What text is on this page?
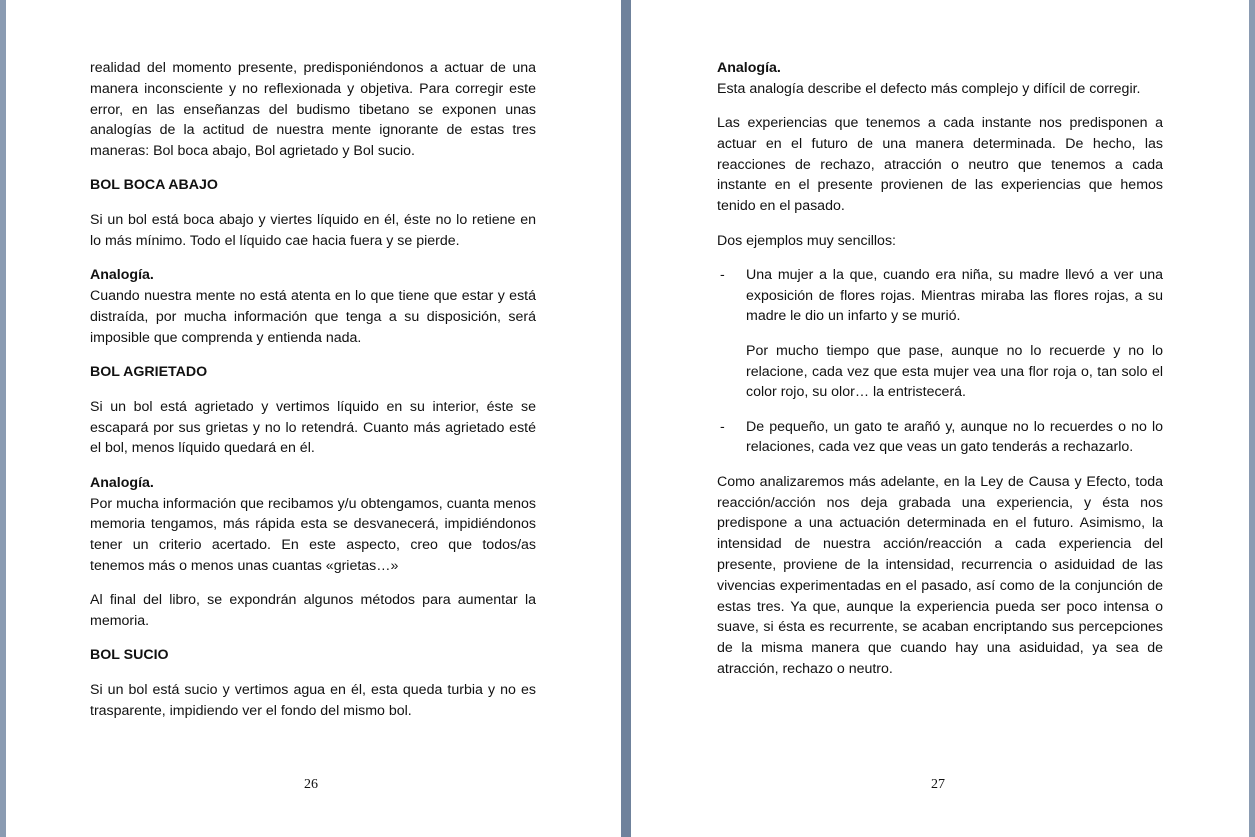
realidad del momento presente, predisponiéndonos a actuar de una manera inconsciente y no reflexionada y objetiva. Para corregir este error, en las enseñanzas del budismo tibetano se exponen unas analogías de la actitud de nuestra mente ignorante de estas tres maneras: Bol boca abajo, Bol agrietado y Bol sucio.

BOL BOCA ABAJO

Si un bol está boca abajo y viertes líquido en él, éste no lo retiene en lo más mínimo. Todo el líquido cae hacia fuera y se pierde.

Analogía.

Cuando nuestra mente no está atenta en lo que tiene que estar y está distraída, por mucha información que tenga a su disposición, será imposible que comprenda y entienda nada.

BOL AGRIETADO

Si un bol está agrietado y vertimos líquido en su interior, éste se escapará por sus grietas y no lo retendrá. Cuanto más agrietado esté el bol, menos líquido quedará en él.

Analogía.

Por mucha información que recibamos y/u obtengamos, cuanta menos memoria tengamos, más rápida esta se desvanecerá, impidiéndonos tener un criterio acertado. En este aspecto, creo que todos/as tenemos más o menos unas cuantas «grietas…»

Al final del libro, se expondrán algunos métodos para aumentar la memoria.

BOL SUCIO

Si un bol está sucio y vertimos agua en él, esta queda turbia y no es trasparente, impidiendo ver el fondo del mismo bol.

26
Analogía.

Esta analogía describe el defecto más complejo y difícil de corregir.

Las experiencias que tenemos a cada instante nos predisponen a actuar en el futuro de una manera determinada. De hecho, las reacciones de rechazo, atracción o neutro que tenemos a cada instante en el presente provienen de las experiencias que hemos tenido en el pasado.

Dos ejemplos muy sencillos:

- Una mujer a la que, cuando era niña, su madre llevó a ver una exposición de flores rojas. Mientras miraba las flores rojas, a su madre le dio un infarto y se murió.

Por mucho tiempo que pase, aunque no lo recuerde y no lo relacione, cada vez que esta mujer vea una flor roja o, tan solo el color rojo, su olor… la entristecerá.

- De pequeño, un gato te arañó y, aunque no lo recuerdes o no lo relaciones, cada vez que veas un gato tenderás a rechazarlo.

Como analizaremos más adelante, en la Ley de Causa y Efecto, toda reacción/acción nos deja grabada una experiencia, y ésta nos predispone a una actuación determinada en el futuro. Asimismo, la intensidad de nuestra acción/reacción a cada experiencia del presente, proviene de la intensidad, recurrencia o asiduidad de las vivencias experimentadas en el pasado, así como de la conjunción de estas tres. Ya que, aunque la experiencia pueda ser poco intensa o suave, si ésta es recurrente, se acaban encriptando sus percepciones de la misma manera que cuando hay una asiduidad, ya sea de atracción, rechazo o neutro.

27
